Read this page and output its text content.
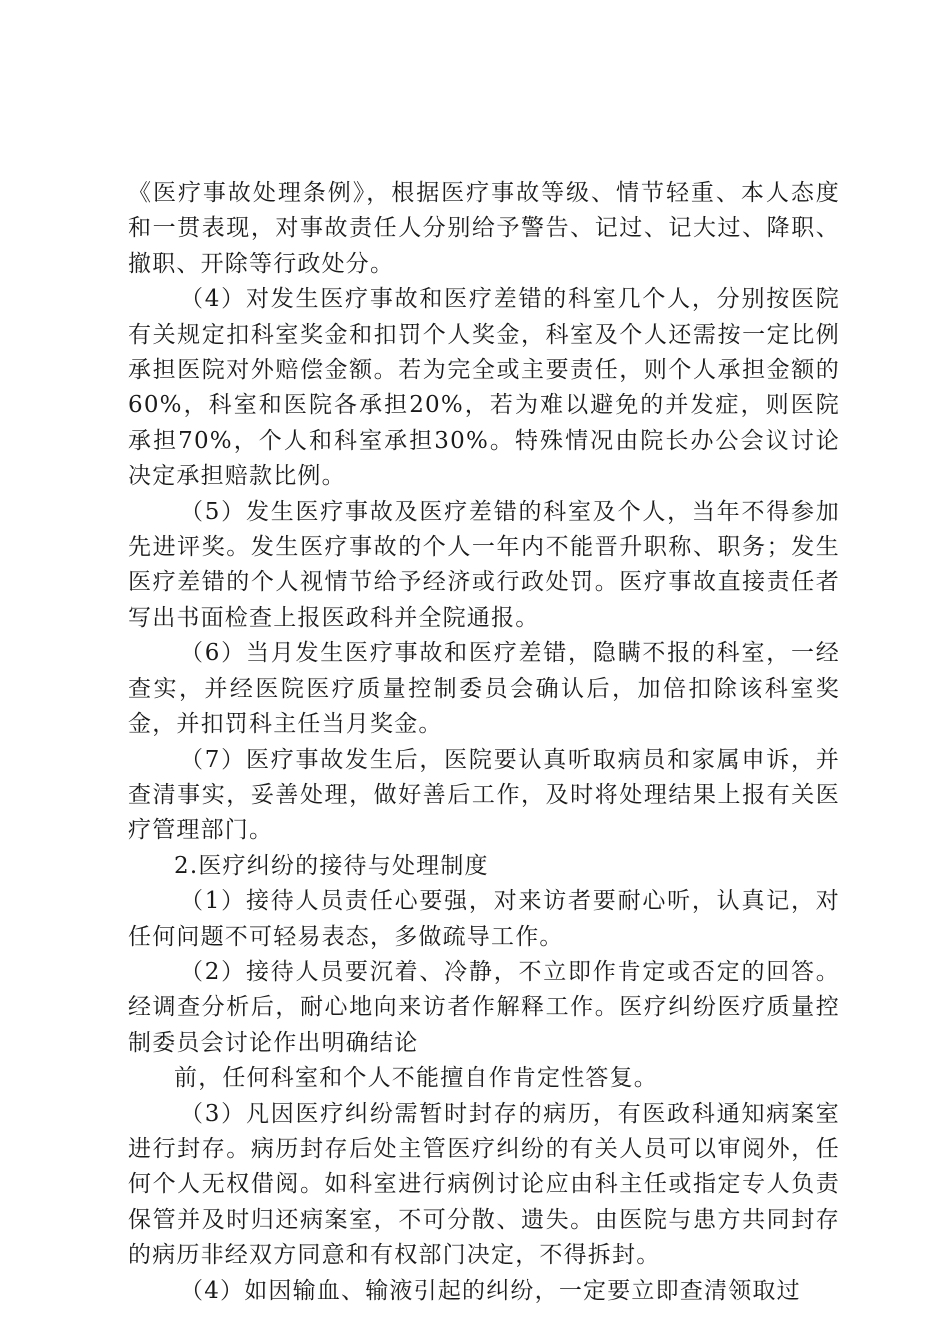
《医疗事故处理条例》，根据医疗事故等级、情节轻重、本人态度和一贯表现，对事故责任人分别给予警告、记过、记大过、降职、撤职、开除等行政处分。

（4）对发生医疗事故和医疗差错的科室几个人，分别按医院有关规定扣科室奖金和扣罚个人奖金，科室及个人还需按一定比例承担医院对外赔偿金额。若为完全或主要责任，则个人承担金额的60%，科室和医院各承担20%，若为难以避免的并发症，则医院承担70%，个人和科室承担30%。特殊情况由院长办公会议讨论决定承担赔款比例。

（5）发生医疗事故及医疗差错的科室及个人，当年不得参加先进评奖。发生医疗事故的个人一年内不能晋升职称、职务；发生医疗差错的个人视情节给予经济或行政处罚。医疗事故直接责任者写出书面检查上报医政科并全院通报。

（6）当月发生医疗事故和医疗差错，隐瞒不报的科室，一经查实，并经医院医疗质量控制委员会确认后，加倍扣除该科室奖金，并扣罚科主任当月奖金。

（7）医疗事故发生后，医院要认真听取病员和家属申诉，并查清事实，妥善处理，做好善后工作，及时将处理结果上报有关医疗管理部门。

2.医疗纠纷的接待与处理制度

（1）接待人员责任心要强，对来访者要耐心听，认真记，对任何问题不可轻易表态，多做疏导工作。

（2）接待人员要沉着、冷静，不立即作肯定或否定的回答。经调查分析后，耐心地向来访者作解释工作。医疗纠纷医疗质量控制委员会讨论作出明确结论

前，任何科室和个人不能擅自作肯定性答复。

（3）凡因医疗纠纷需暂时封存的病历，有医政科通知病案室进行封存。病历封存后处主管医疗纠纷的有关人员可以审阅外，任何个人无权借阅。如科室进行病例讨论应由科主任或指定专人负责保管并及时归还病案室，不可分散、遗失。由医院与患方共同封存的病历非经双方同意和有权部门决定，不得拆封。

（4）如因输血、输液引起的纠纷，一定要立即查清领取过
